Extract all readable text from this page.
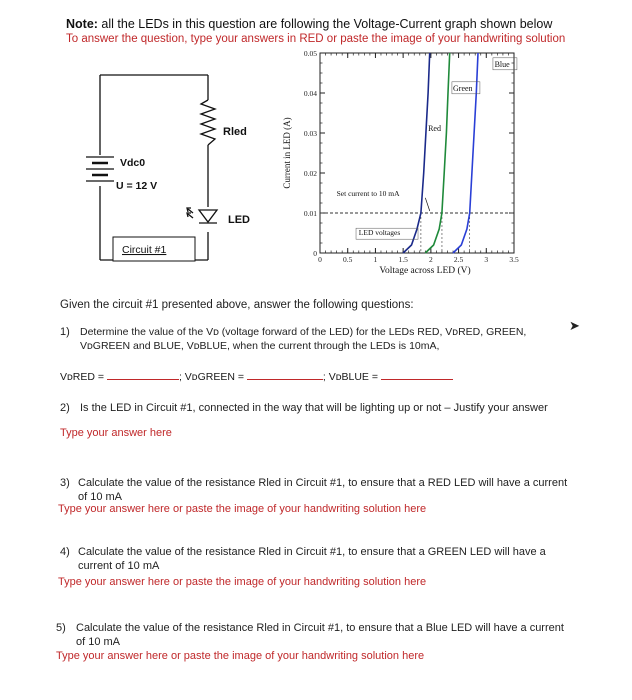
Note: all the LEDs in this question are following the Voltage-Current graph shown below
To answer the question, type your answers in RED or paste the image of your handwriting solution
Rled
Vdc0
U = 12 V
LED
Circuit #1	0
0.01
0.02
0.03
0.04
0.05
0	0.5	1	1.5	2	2.5	3	3.5
Current in LED (A)
Voltage across LED (V)
Blue
Green
Red
Set current to 10 mA
LED voltages
Given the circuit #1 presented above, answer the following questions:
1) Determine the value of the Vᴅ (voltage forward of the LED) for the LEDs RED, VᴅRED, GREEN, VᴅGREEN and BLUE, VᴅBLUE, when the current through the LEDs is 10mA,
VᴅRED =	; VᴅGREEN =	; VᴅBLUE =
2) Is the LED in Circuit #1, connected in the way that will be lighting up or not – Justify your answer
Type your answer here
3) Calculate the value of the resistance Rled in Circuit #1, to ensure that a RED LED will have a current of 10 mA
Type your answer here or paste the image of your handwriting solution here
4) Calculate the value of the resistance Rled in Circuit #1, to ensure that a GREEN LED will have a current of 10 mA
Type your answer here or paste the image of your handwriting solution here
5) Calculate the value of the resistance Rled in Circuit #1, to ensure that a Blue LED will have a current of 10 mA
Type your answer here or paste the image of your handwriting solution here
➤
